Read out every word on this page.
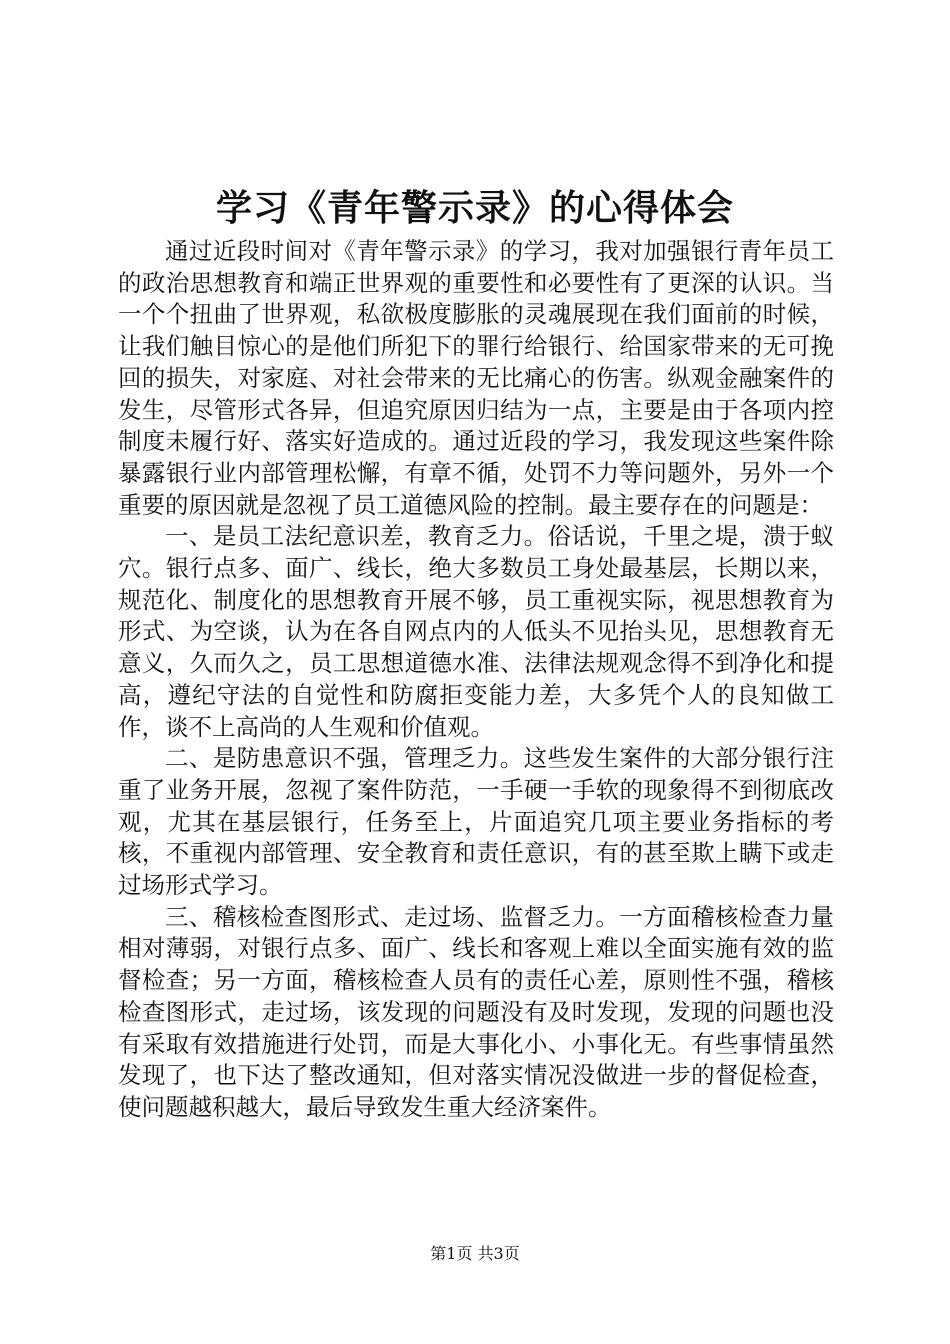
学习《青年警示录》的心得体会

通过近段时间对《青年警示录》的学习，我对加强银行青年员工的政治思想教育和端正世界观的重要性和必要性有了更深的认识。当一个个扭曲了世界观，私欲极度膨胀的灵魂展现在我们面前的时候，让我们触目惊心的是他们所犯下的罪行给银行、给国家带来的无可挽回的损失，对家庭、对社会带来的无比痛心的伤害。纵观金融案件的发生，尽管形式各异，但追究原因归结为一点，主要是由于各项内控制度未履行好、落实好造成的。通过近段的学习，我发现这些案件除暴露银行业内部管理松懈，有章不循，处罚不力等问题外，另外一个重要的原因就是忽视了员工道德风险的控制。最主要存在的问题是：

一、是员工法纪意识差，教育乏力。俗话说，千里之堤，溃于蚁穴。银行点多、面广、线长，绝大多数员工身处最基层，长期以来，规范化、制度化的思想教育开展不够，员工重视实际，视思想教育为形式、为空谈，认为在各自网点内的人低头不见抬头见，思想教育无意义，久而久之，员工思想道德水准、法律法规观念得不到净化和提高，遵纪守法的自觉性和防腐拒变能力差，大多凭个人的良知做工作，谈不上高尚的人生观和价值观。

二、是防患意识不强，管理乏力。这些发生案件的大部分银行注重了业务开展，忽视了案件防范，一手硬一手软的现象得不到彻底改观，尤其在基层银行，任务至上，片面追究几项主要业务指标的考核，不重视内部管理、安全教育和责任意识，有的甚至欺上瞒下或走过场形式学习。

三、稽核检查图形式、走过场、监督乏力。一方面稽核检查力量相对薄弱，对银行点多、面广、线长和客观上难以全面实施有效的监督检查；另一方面，稽核检查人员有的责任心差，原则性不强，稽核检查图形式，走过场，该发现的问题没有及时发现，发现的问题也没有采取有效措施进行处罚，而是大事化小、小事化无。有些事情虽然发现了，也下达了整改通知，但对落实情况没做进一步的督促检查，使问题越积越大，最后导致发生重大经济案件。

第1页 共3页
